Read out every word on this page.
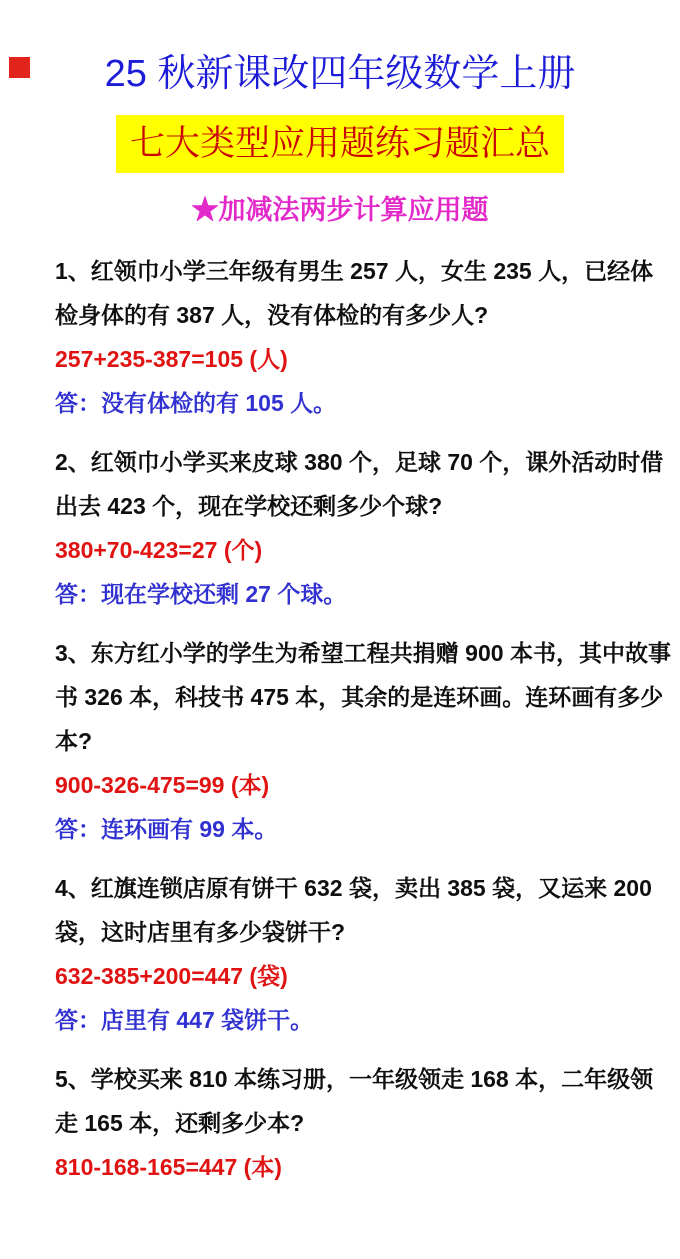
25 秋新课改四年级数学上册
七大类型应用题练习题汇总
★加减法两步计算应用题

1、红领巾小学三年级有男生 257 人，女生 235 人，已经体

检身体的有 387 人，没有体检的有多少人?

257+235-387=105 (人)

答：没有体检的有 105 人。

2、红领巾小学买来皮球 380 个，足球 70 个，课外活动时借

出去 423 个，现在学校还剩多少个球?

380+70-423=27 (个)

答：现在学校还剩 27 个球。

3、东方红小学的学生为希望工程共捐赠 900 本书，其中故事

书 326 本，科技书 475 本，其余的是连环画。连环画有多少

本?

900-326-475=99 (本)

答：连环画有 99 本。

4、红旗连锁店原有饼干 632 袋，卖出 385 袋，又运来 200

袋，这时店里有多少袋饼干?

632-385+200=447 (袋)

答：店里有 447 袋饼干。

5、学校买来 810 本练习册，一年级领走 168 本，二年级领

走 165 本，还剩多少本?

810-168-165=447 (本)
